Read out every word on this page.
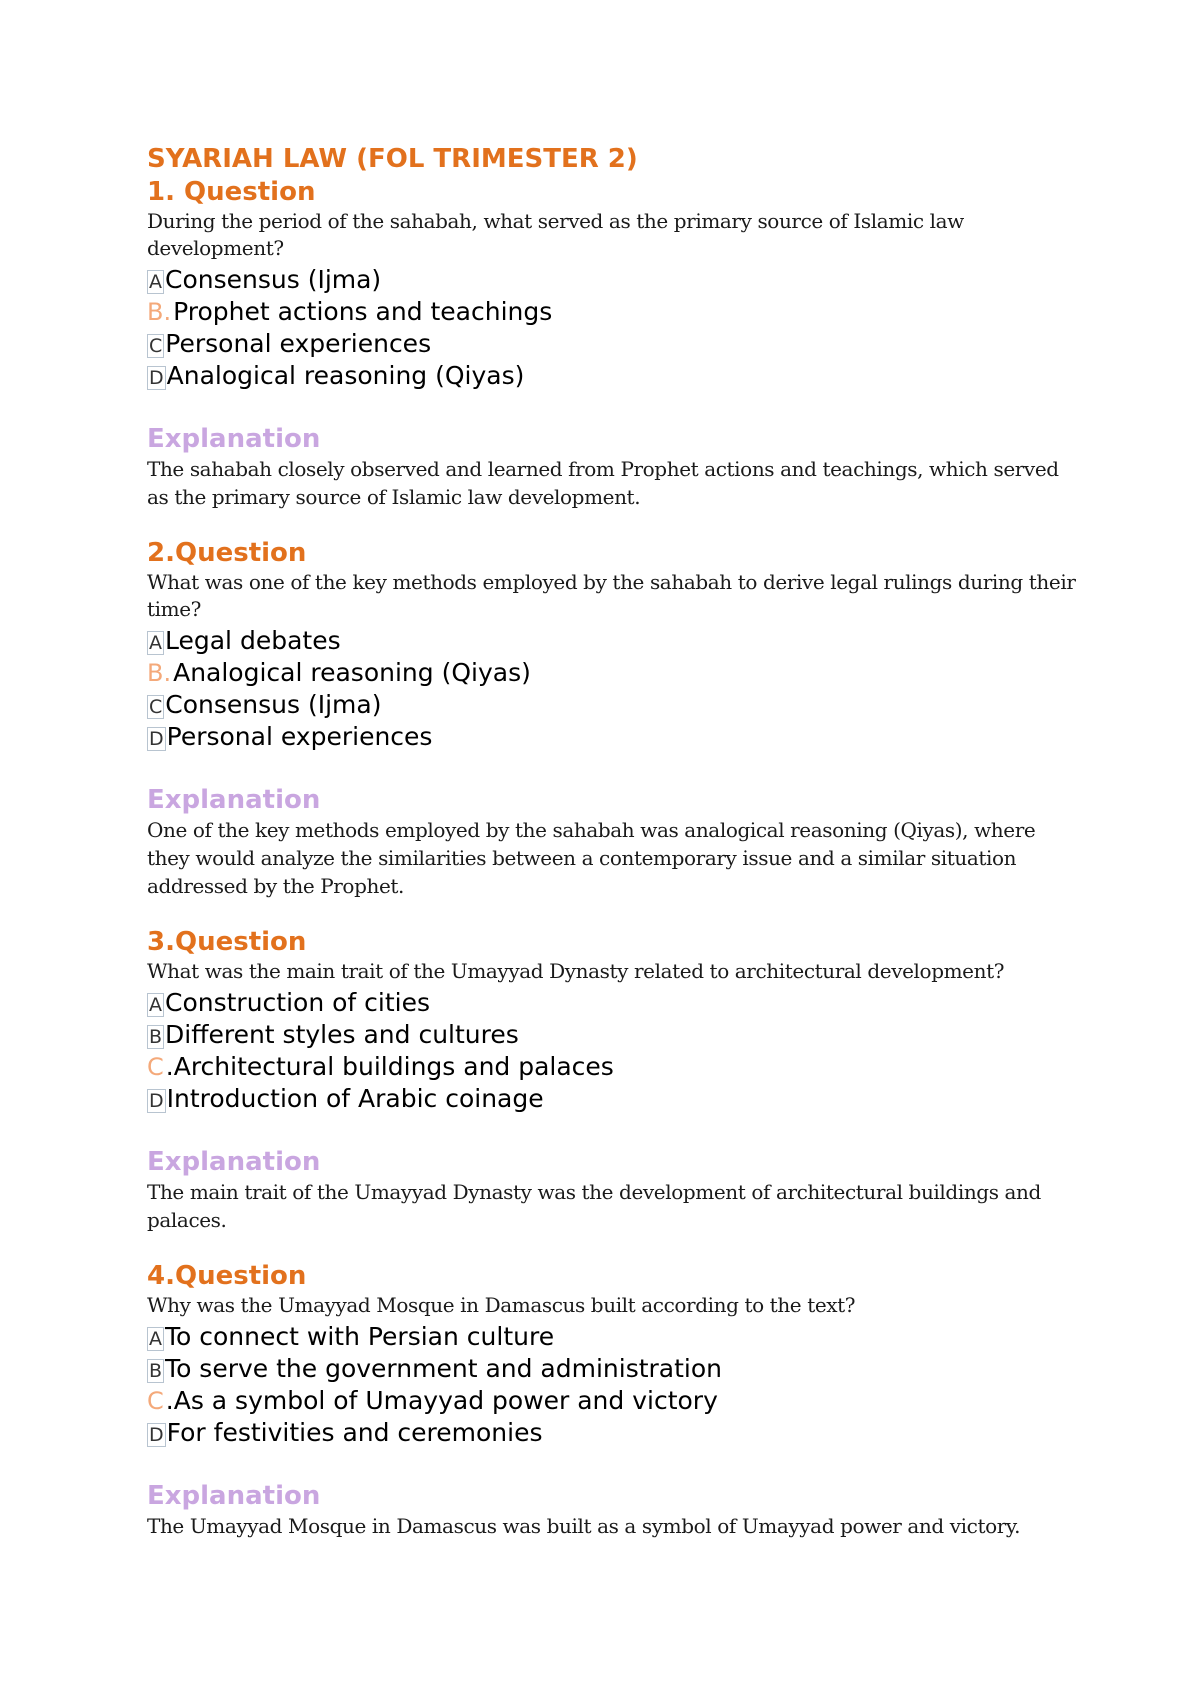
SYARIAH LAW (FOL TRIMESTER 2)
1. Question

During the period of the sahabah, what served as the primary source of Islamic law development?

A Consensus (Ijma)
B. Prophet actions and teachings
C Personal experiences
D Analogical reasoning (Qiyas)
Explanation

The sahabah closely observed and learned from Prophet actions and teachings, which served as the primary source of Islamic law development.

2.Question

What was one of the key methods employed by the sahabah to derive legal rulings during their time?

A Legal debates
B. Analogical reasoning (Qiyas)
C Consensus (Ijma)
D Personal experiences
Explanation

One of the key methods employed by the sahabah was analogical reasoning (Qiyas), where they would analyze the similarities between a contemporary issue and a similar situation addressed by the Prophet.

3.Question

What was the main trait of the Umayyad Dynasty related to architectural development?

A Construction of cities
B Different styles and cultures
C .Architectural buildings and palaces
D Introduction of Arabic coinage
Explanation

The main trait of the Umayyad Dynasty was the development of architectural buildings and palaces.

4.Question

Why was the Umayyad Mosque in Damascus built according to the text?

A To connect with Persian culture
B To serve the government and administration
C .As a symbol of Umayyad power and victory
D For festivities and ceremonies
Explanation

The Umayyad Mosque in Damascus was built as a symbol of Umayyad power and victory.
